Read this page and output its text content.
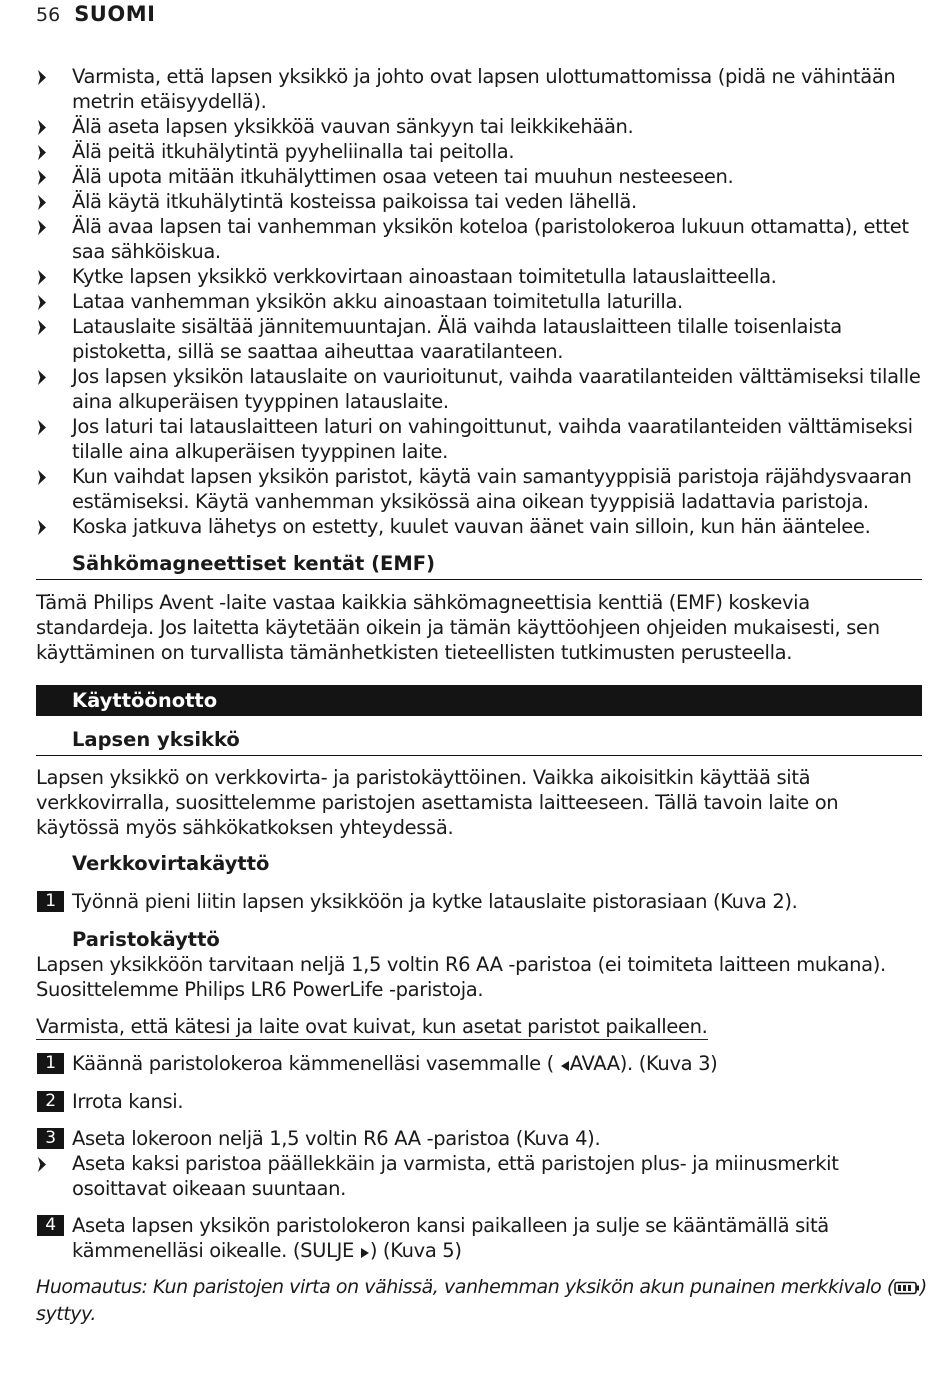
56 SUOMI
Varmista, että lapsen yksikkö ja johto ovat lapsen ulottumattomissa (pidä ne vähintään metrin etäisyydellä).
Älä aseta lapsen yksikköä vauvan sänkyyn tai leikkikehään.
Älä peitä itkuhälytintä pyyheliinalla tai peitolla.
Älä upota mitään itkuhälyttimen osaa veteen tai muuhun nesteeseen.
Älä käytä itkuhälytintä kosteissa paikoissa tai veden lähellä.
Älä avaa lapsen tai vanhemman yksikön koteloa (paristolokeroa lukuun ottamatta), ettet saa sähköiskua.
Kytke lapsen yksikkö verkkovirtaan ainoastaan toimitetulla latauslaitteella.
Lataa vanhemman yksikön akku ainoastaan toimitetulla laturilla.
Latauslaite sisältää jännitemuuntajan. Älä vaihda latauslaitteen tilalle toisenlaista pistoketta, sillä se saattaa aiheuttaa vaaratilanteen.
Jos lapsen yksikön latauslaite on vaurioitunut, vaihda vaaratilanteiden välttämiseksi tilalle aina alkuperäisen tyyppinen latauslaite.
Jos laturi tai latauslaitteen laturi on vahingoittunut, vaihda vaaratilanteiden välttämiseksi tilalle aina alkuperäisen tyyppinen laite.
Kun vaihdat lapsen yksikön paristot, käytä vain samantyyppisiä paristoja räjähdysvaaran estämiseksi. Käytä vanhemman yksikössä aina oikean tyyppisiä ladattavia paristoja.
Koska jatkuva lähetys on estetty, kuulet vauvan äänet vain silloin, kun hän ääntelee.
Sähkömagneettiset kentät (EMF)

Tämä Philips Avent -laite vastaa kaikkia sähkömagneettisia kenttiä (EMF) koskevia standardeja. Jos laitetta käytetään oikein ja tämän käyttöohjeen ohjeiden mukaisesti, sen käyttäminen on turvallista tämänhetkisten tieteellisten tutkimusten perusteella.

Käyttöönotto
Lapsen yksikkö

Lapsen yksikkö on verkkovirta- ja paristokäyttöinen. Vaikka aikoisitkin käyttää sitä verkkovirralla, suosittelemme paristojen asettamista laitteeseen. Tällä tavoin laite on käytössä myös sähkökatkoksen yhteydessä.

Verkkovirtakäyttö
1 Työnnä pieni liitin lapsen yksikköön ja kytke latauslaite pistorasiaan (Kuva 2).
Paristokäyttö

Lapsen yksikköön tarvitaan neljä 1,5 voltin R6 AA -paristoa (ei toimiteta laitteen mukana). Suosittelemme Philips LR6 PowerLife -paristoja.

Varmista, että kätesi ja laite ovat kuivat, kun asetat paristot paikalleen.
1 Käännä paristolokeroa kämmenelläsi vasemmalle ( AVAA). (Kuva 3)
2 Irrota kansi.
3 Aseta lokeroon neljä 1,5 voltin R6 AA -paristoa (Kuva 4).
Aseta kaksi paristoa päällekkäin ja varmista, että paristojen plus- ja miinusmerkit osoittavat oikeaan suuntaan.
4 Aseta lapsen yksikön paristolokeron kansi paikalleen ja sulje se kääntämällä sitä kämmenelläsi oikealle. (SULJE ) (Kuva 5)
Huomautus: Kun paristojen virta on vähissä, vanhemman yksikön akun punainen merkkivalo ( ) syttyy.
